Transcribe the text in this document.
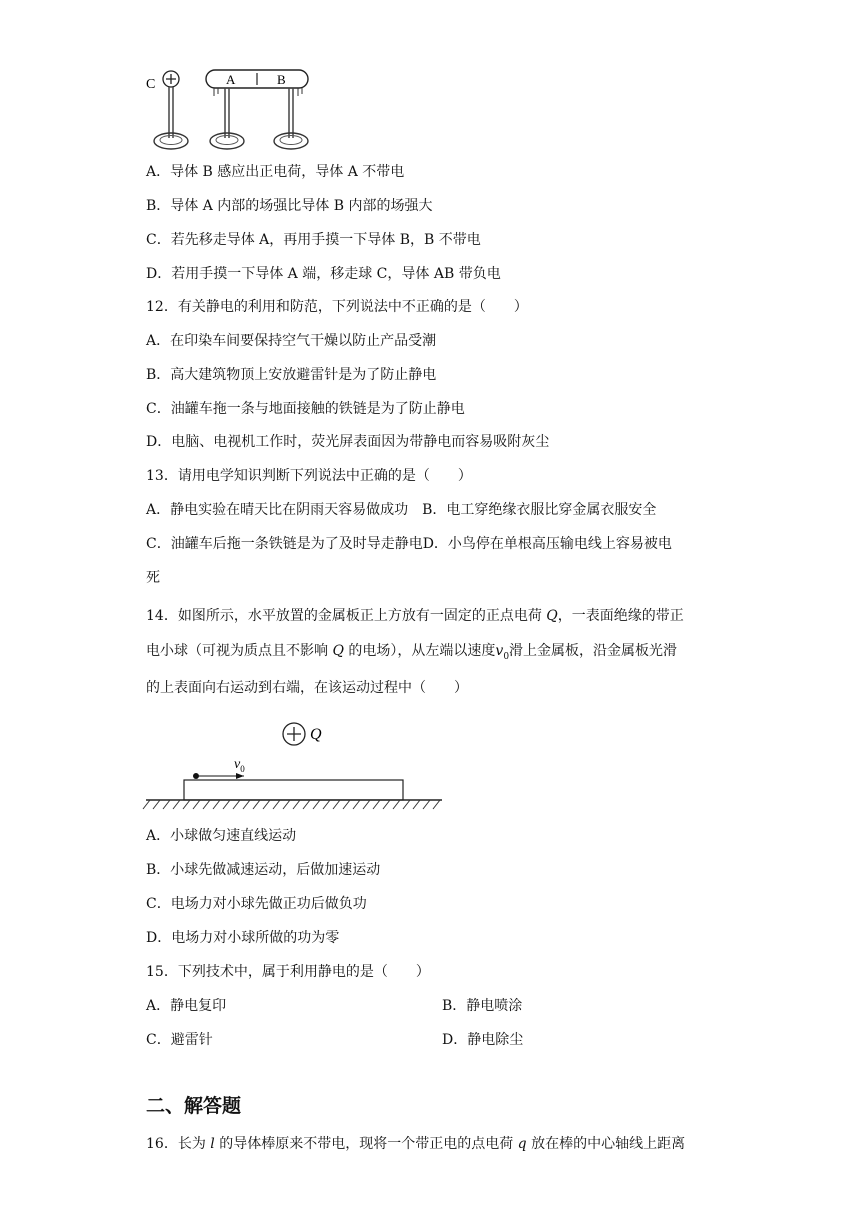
C	A	B
A．导体 B 感应出正电荷，导体 A 不带电
B．导体 A 内部的场强比导体 B 内部的场强大
C．若先移走导体 A，再用手摸一下导体 B，B 不带电
D．若用手摸一下导体 A 端，移走球 C，导体 AB 带负电
12．有关静电的利用和防范，下列说法中不正确的是（　　）
A．在印染车间要保持空气干燥以防止产品受潮
B．高大建筑物顶上安放避雷针是为了防止静电
C．油罐车拖一条与地面接触的铁链是为了防止静电
D．电脑、电视机工作时，荧光屏表面因为带静电而容易吸附灰尘
13．请用电学知识判断下列说法中正确的是（　　）
A．静电实验在晴天比在阴雨天容易做成功　B．电工穿绝缘衣服比穿金属衣服安全
C．油罐车后拖一条铁链是为了及时导走静电D．小鸟停在单根高压输电线上容易被电
死
14．如图所示，水平放置的金属板正上方放有一固定的正点电荷 Q，一表面绝缘的带正
电小球（可视为质点且不影响 Q 的电场），从左端以速度$v_0$滑上金属板，沿金属板光滑
的上表面向右运动到右端，在该运动过程中（　　）
Q
$v_0$
A．小球做匀速直线运动
B．小球先做减速运动，后做加速运动
C．电场力对小球先做正功后做负功
D．电场力对小球所做的功为零
15．下列技术中，属于利用静电的是（　　）
A．静电复印	B．静电喷涂
C．避雷针	D．静电除尘
二、解答题
16．长为 l 的导体棒原来不带电，现将一个带正电的点电荷 q 放在棒的中心轴线上距离
